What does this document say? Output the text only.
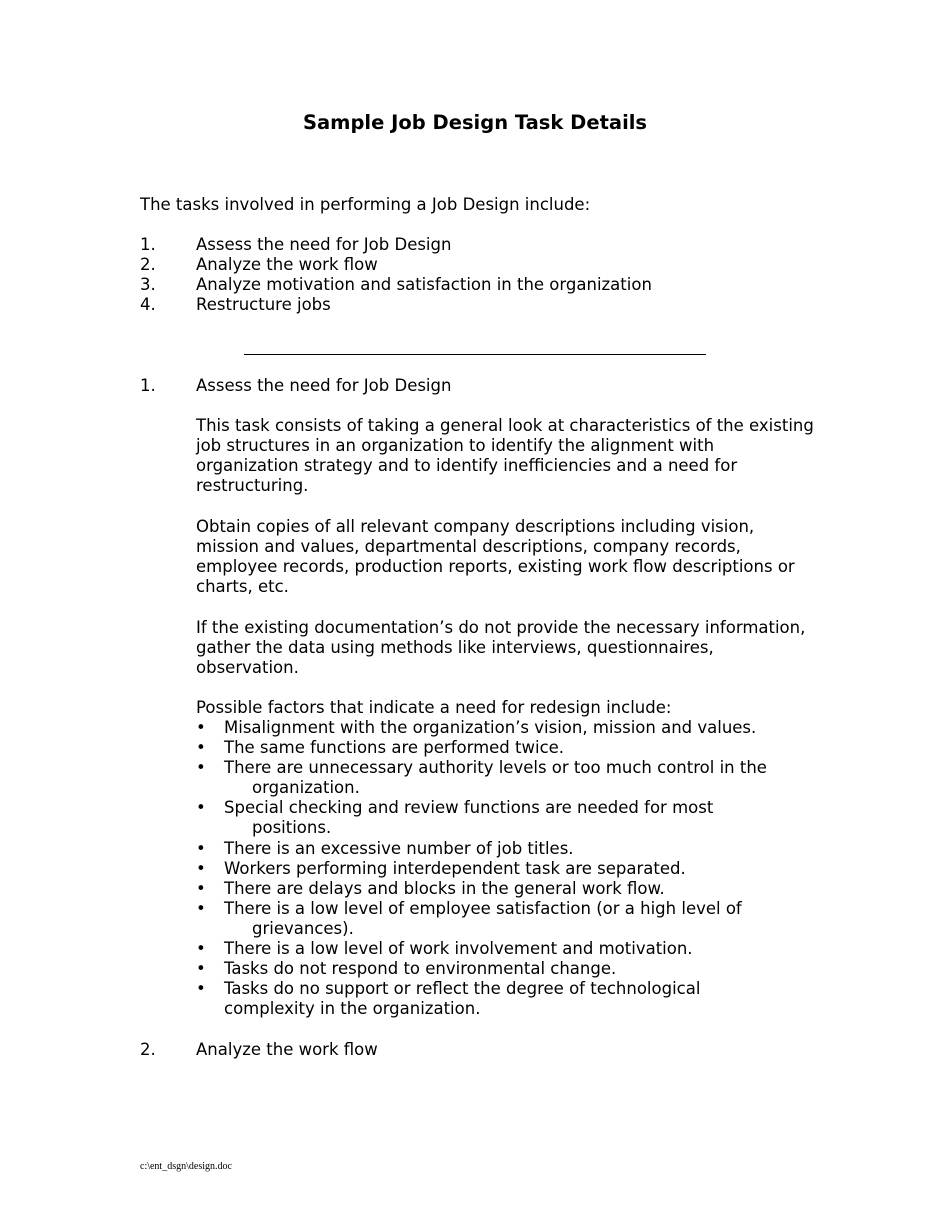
Sample Job Design Task Details

The tasks involved in performing a Job Design include:

1.	Assess the need for Job Design
2.	Analyze the work flow
3.	Analyze motivation and satisfaction in the organization
4.	Restructure jobs
1. Assess the need for Job Design

This task consists of taking a general look at characteristics of the existing job structures in an organization to identify the alignment with organization strategy and to identify inefficiencies and a need for restructuring.

Obtain copies of all relevant company descriptions including vision, mission and values, departmental descriptions, company records, employee records, production reports, existing work flow descriptions or charts, etc.

If the existing documentation’s do not provide the necessary information, gather the data using methods like interviews, questionnaires, observation.

Possible factors that indicate a need for redesign include:

• Misalignment with the organization’s vision, mission and values.
• The same functions are performed twice.
• There are unnecessary authority levels or too much control in the
organization.
• Special checking and review functions are needed for most
positions.
• There is an excessive number of job titles.
• Workers performing interdependent task are separated.
• There are delays and blocks in the general work flow.
• There is a low level of employee satisfaction (or a high level of
grievances).
• There is a low level of work involvement and motivation.
• Tasks do not respond to environmental change.
• Tasks do no support or reflect the degree of technological
complexity in the organization.
2. Analyze the work flow

c:\ent_dsgn\design.doc
